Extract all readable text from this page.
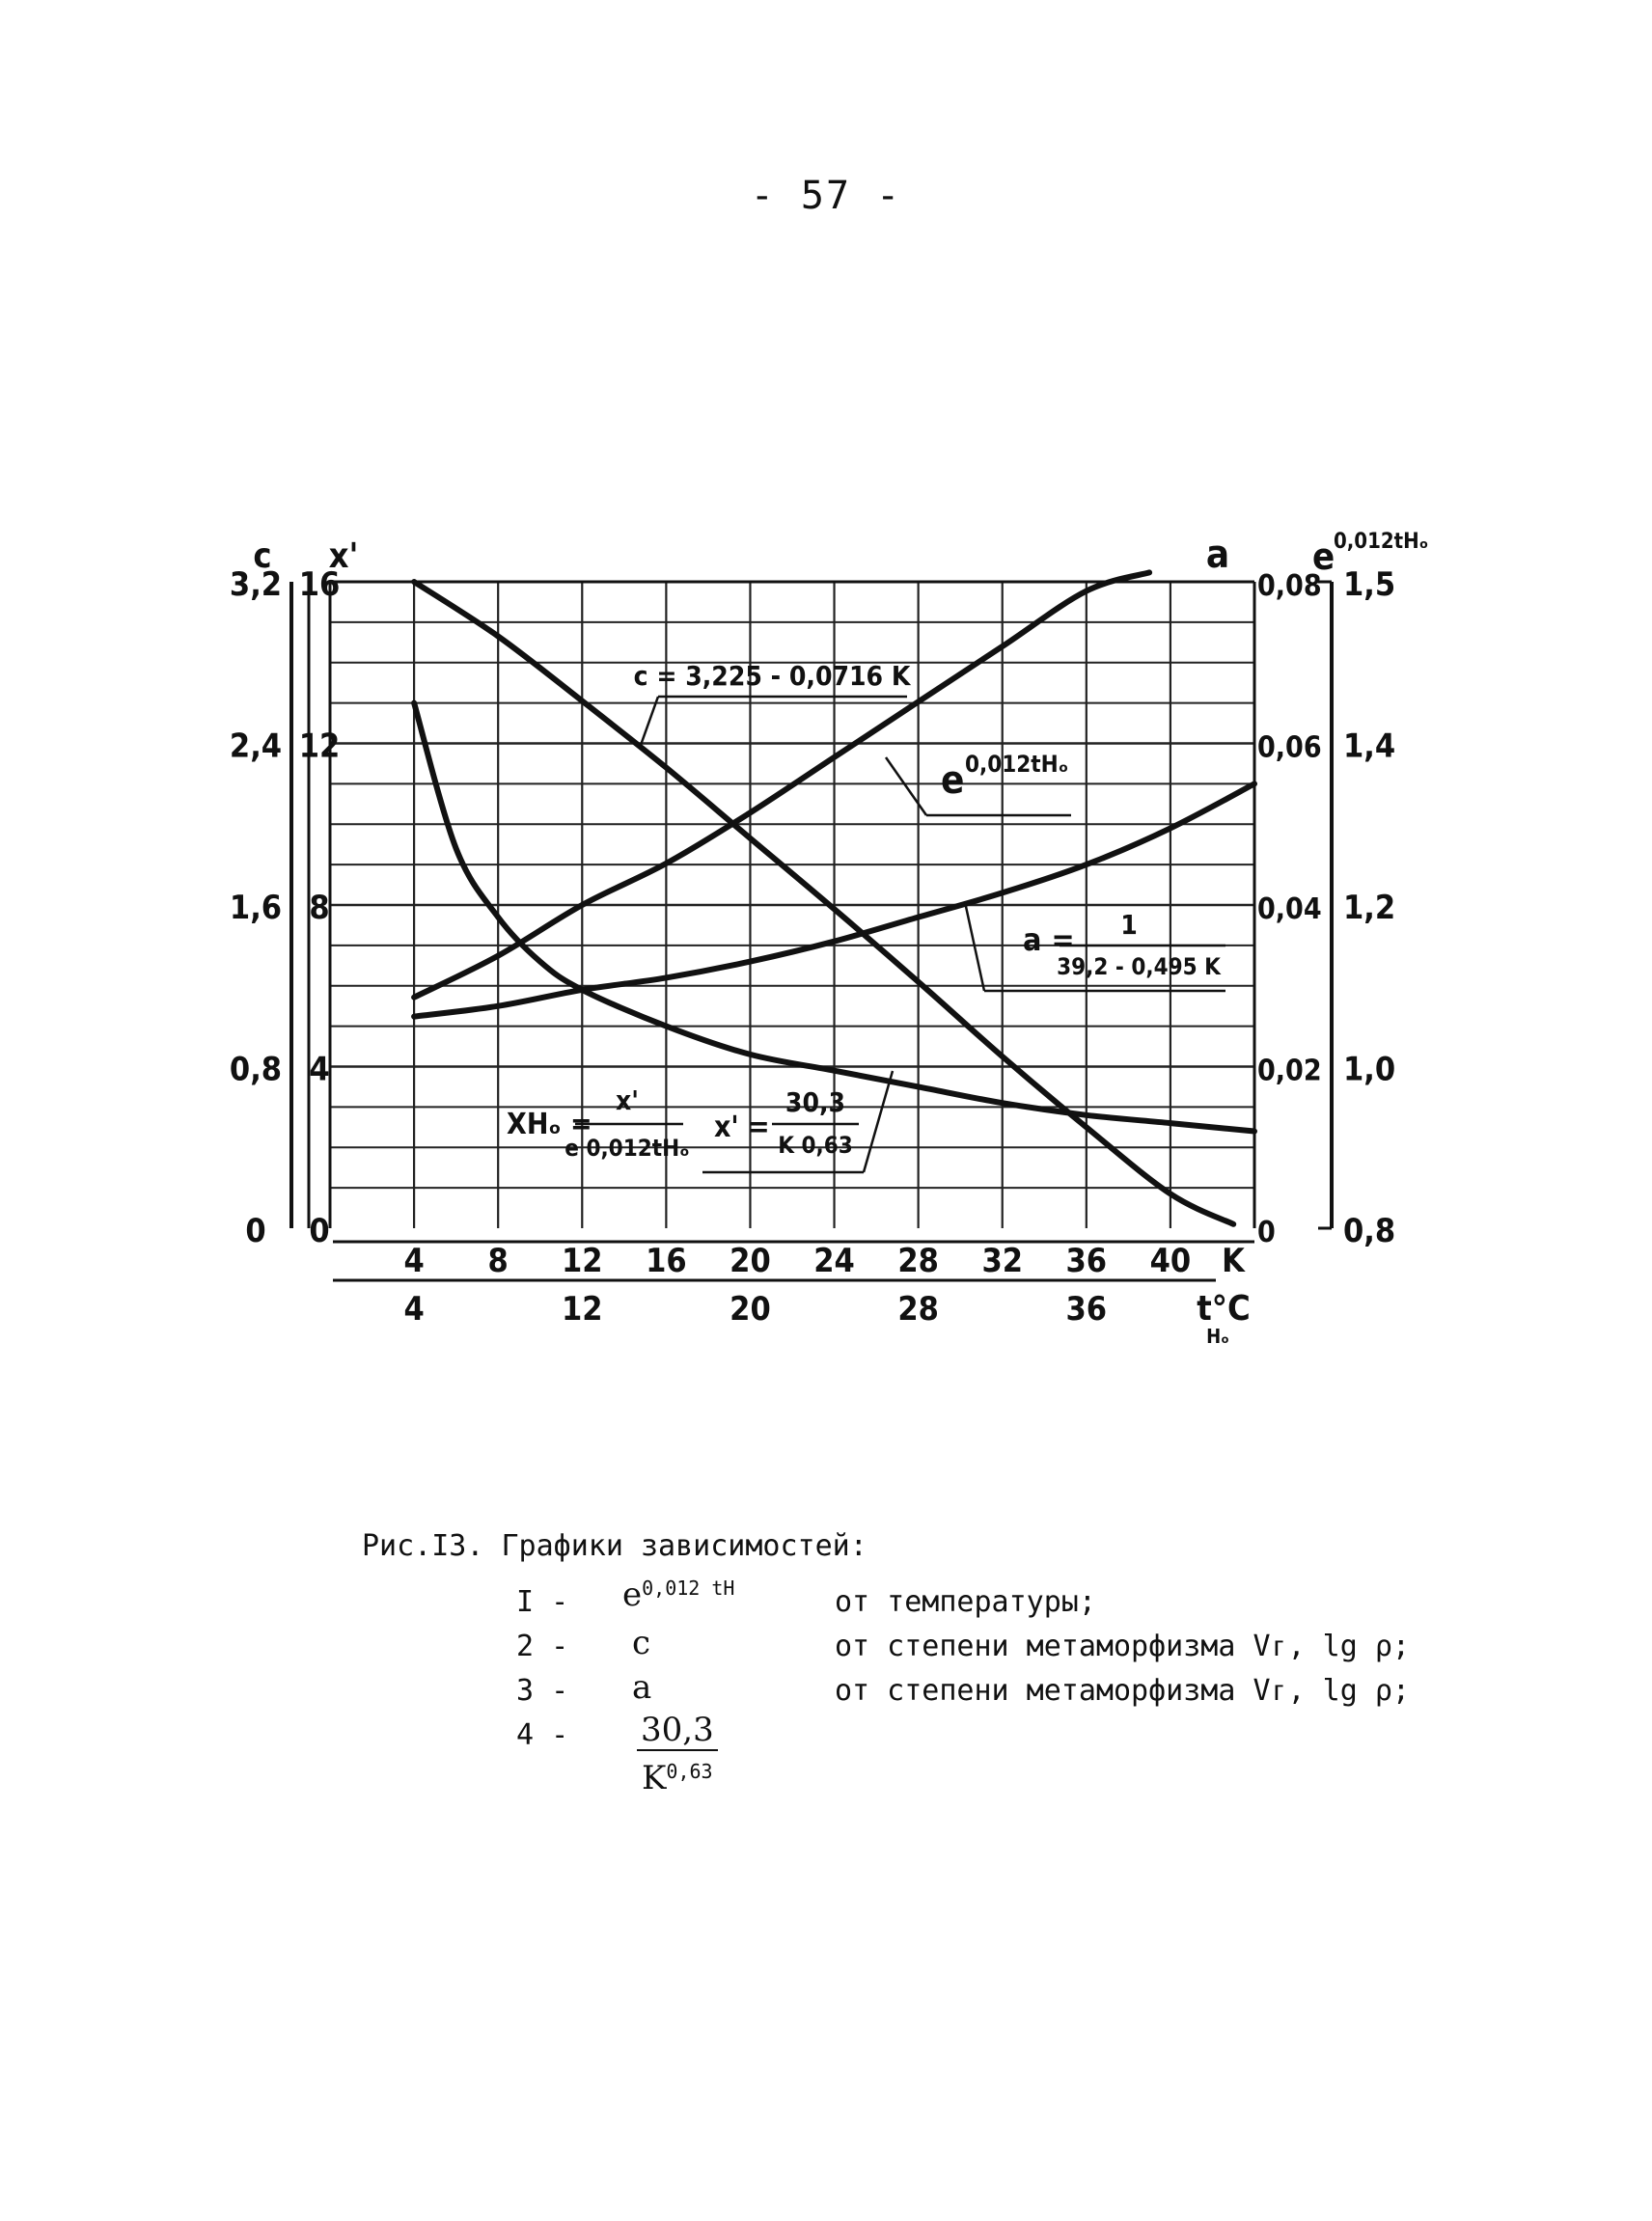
- 57 -
0
0,8
1,6
2,4
3,2
0
4
8
12
16
0
0,02
0,04
0,06
0,08
0,8
1,0
1,2
1,4
1,5
c x'	a e
0,012tHₒ
4 8 12 16 20 24 28 32 36 40 K
4	12	20	28	36	t°C
Hₒ
c = 3,225 - 0,0716 K
e 0,012tHₒ
a = 1
39,2 - 0,495 K
XHₒ =
x'
e 0,012tHₒ
x' =
30,3
K 0,63
Рис.I3. Графики зависимостей:
I - $e^{0,012 tH}$	от температуры;
2 - c	от степени метаморфизма Vᴦ, lg ρ;
3 - a	от степени метаморфизма Vᴦ, lg ρ;
4 - 30,3
K$^{0,63}$
